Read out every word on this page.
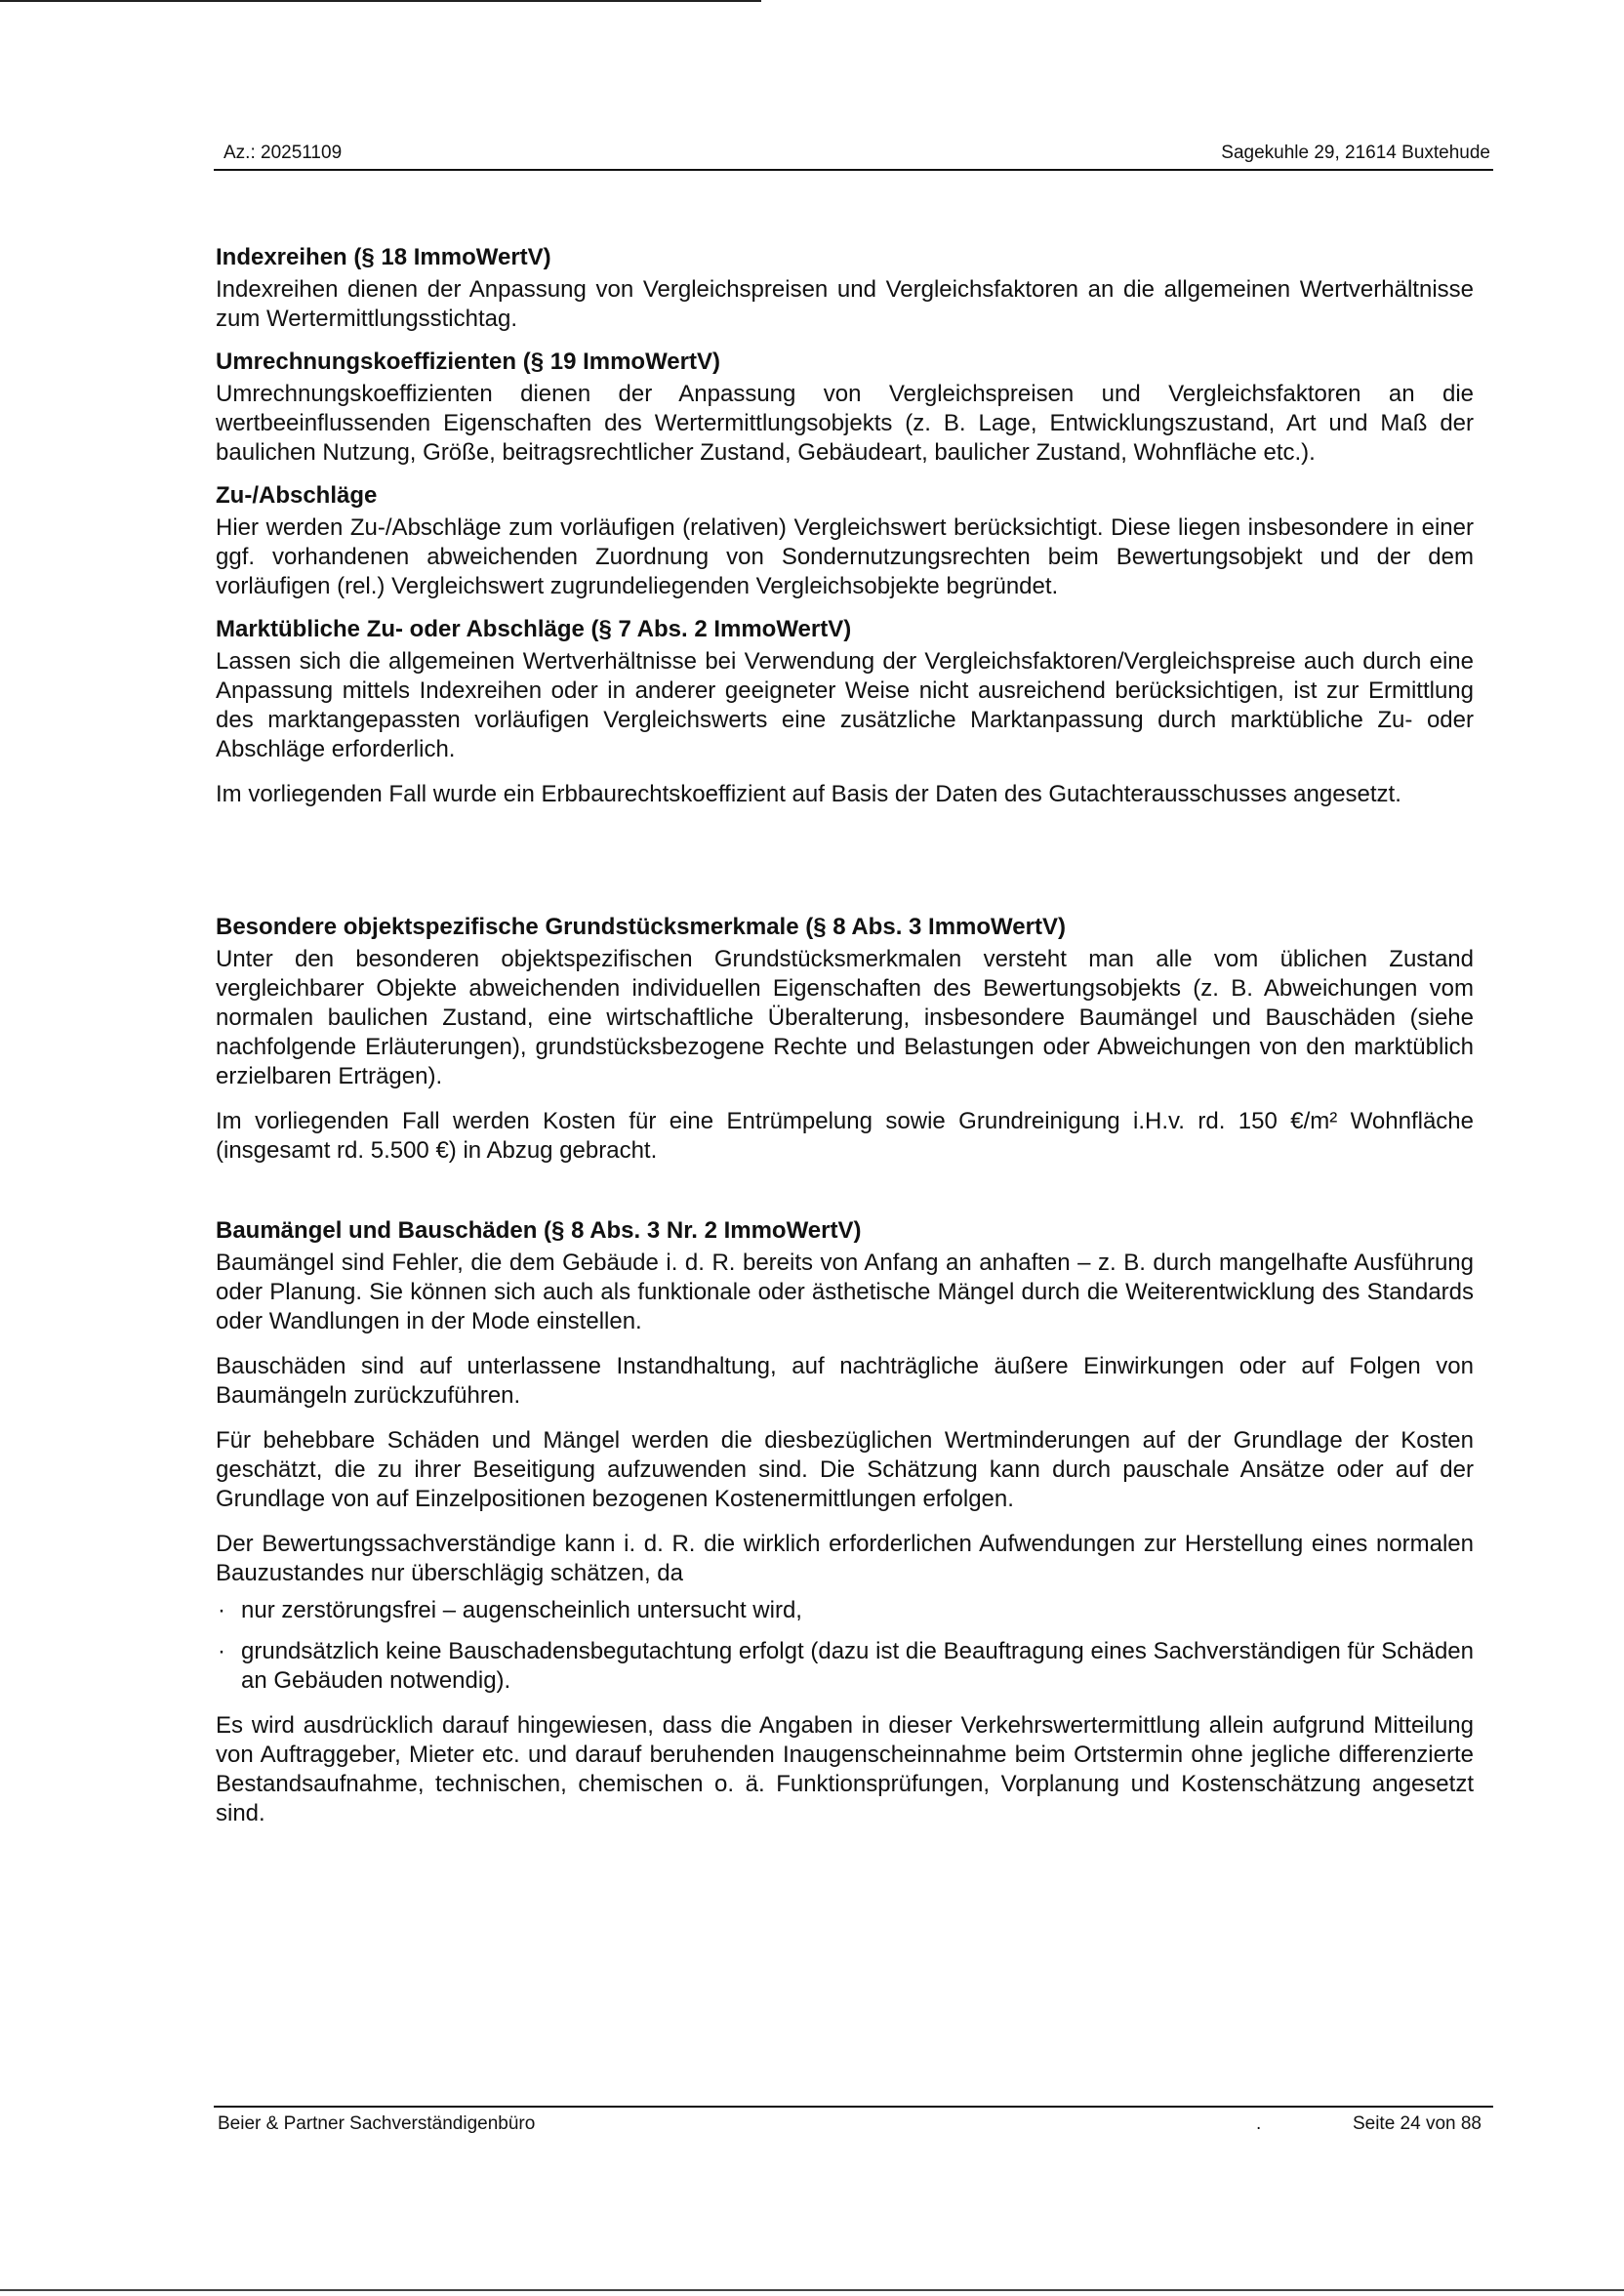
Az.: 20251109	Sagekuhle 29, 21614 Buxtehude
Indexreihen (§ 18 ImmoWertV)

Indexreihen dienen der Anpassung von Vergleichspreisen und Vergleichsfaktoren an die allgemeinen Wertverhältnisse zum Wertermittlungsstichtag.

Umrechnungskoeffizienten (§ 19 ImmoWertV)

Umrechnungskoeffizienten dienen der Anpassung von Vergleichspreisen und Vergleichsfaktoren an die wertbeeinflussenden Eigenschaften des Wertermittlungsobjekts (z. B. Lage, Entwicklungszustand, Art und Maß der baulichen Nutzung, Größe, beitragsrechtlicher Zustand, Gebäudeart, baulicher Zustand, Wohnfläche etc.).

Zu-/Abschläge

Hier werden Zu-/Abschläge zum vorläufigen (relativen) Vergleichswert berücksichtigt. Diese liegen insbesondere in einer ggf. vorhandenen abweichenden Zuordnung von Sondernutzungsrechten beim Bewertungsobjekt und der dem vorläufigen (rel.) Vergleichswert zugrundeliegenden Vergleichsobjekte begründet.

Marktübliche Zu- oder Abschläge (§ 7 Abs. 2 ImmoWertV)

Lassen sich die allgemeinen Wertverhältnisse bei Verwendung der Vergleichsfaktoren/Vergleichspreise auch durch eine Anpassung mittels Indexreihen oder in anderer geeigneter Weise nicht ausreichend berücksichtigen, ist zur Ermittlung des marktangepassten vorläufigen Vergleichswerts eine zusätzliche Marktanpassung durch marktübliche Zu- oder Abschläge erforderlich.

Im vorliegenden Fall wurde ein Erbbaurechtskoeffizient auf Basis der Daten des Gutachterausschusses angesetzt.

Besondere objektspezifische Grundstücksmerkmale (§ 8 Abs. 3 ImmoWertV)

Unter den besonderen objektspezifischen Grundstücksmerkmalen versteht man alle vom üblichen Zustand vergleichbarer Objekte abweichenden individuellen Eigenschaften des Bewertungsobjekts (z. B. Abweichungen vom normalen baulichen Zustand, eine wirtschaftliche Überalterung, insbesondere Baumängel und Bauschäden (siehe nachfolgende Erläuterungen), grundstücksbezogene Rechte und Belastungen oder Abweichungen von den marktüblich erzielbaren Erträgen).

Im vorliegenden Fall werden Kosten für eine Entrümpelung sowie Grundreinigung i.H.v. rd. 150 €/m² Wohnfläche (insgesamt rd. 5.500 €) in Abzug gebracht.

Baumängel und Bauschäden (§ 8 Abs. 3 Nr. 2 ImmoWertV)

Baumängel sind Fehler, die dem Gebäude i. d. R. bereits von Anfang an anhaften – z. B. durch mangelhafte Ausführung oder Planung. Sie können sich auch als funktionale oder ästhetische Mängel durch die Weiterentwicklung des Standards oder Wandlungen in der Mode einstellen.

Bauschäden sind auf unterlassene Instandhaltung, auf nachträgliche äußere Einwirkungen oder auf Folgen von Baumängeln zurückzuführen.

Für behebbare Schäden und Mängel werden die diesbezüglichen Wertminderungen auf der Grundlage der Kosten geschätzt, die zu ihrer Beseitigung aufzuwenden sind. Die Schätzung kann durch pauschale Ansätze oder auf der Grundlage von auf Einzelpositionen bezogenen Kostenermittlungen erfolgen.

Der Bewertungssachverständige kann i. d. R. die wirklich erforderlichen Aufwendungen zur Herstellung eines normalen Bauzustandes nur überschlägig schätzen, da

· nur zerstörungsfrei – augenscheinlich untersucht wird,
· grundsätzlich keine Bauschadensbegutachtung erfolgt (dazu ist die Beauftragung eines Sachverständigen für Schäden an Gebäuden notwendig).

Es wird ausdrücklich darauf hingewiesen, dass die Angaben in dieser Verkehrswertermittlung allein aufgrund Mitteilung von Auftraggeber, Mieter etc. und darauf beruhenden Inaugenscheinnahme beim Ortstermin ohne jegliche differenzierte Bestandsaufnahme, technischen, chemischen o. ä. Funktionsprüfungen, Vorplanung und Kostenschätzung angesetzt sind.

Beier & Partner Sachverständigenbüro	.	Seite 24 von 88
